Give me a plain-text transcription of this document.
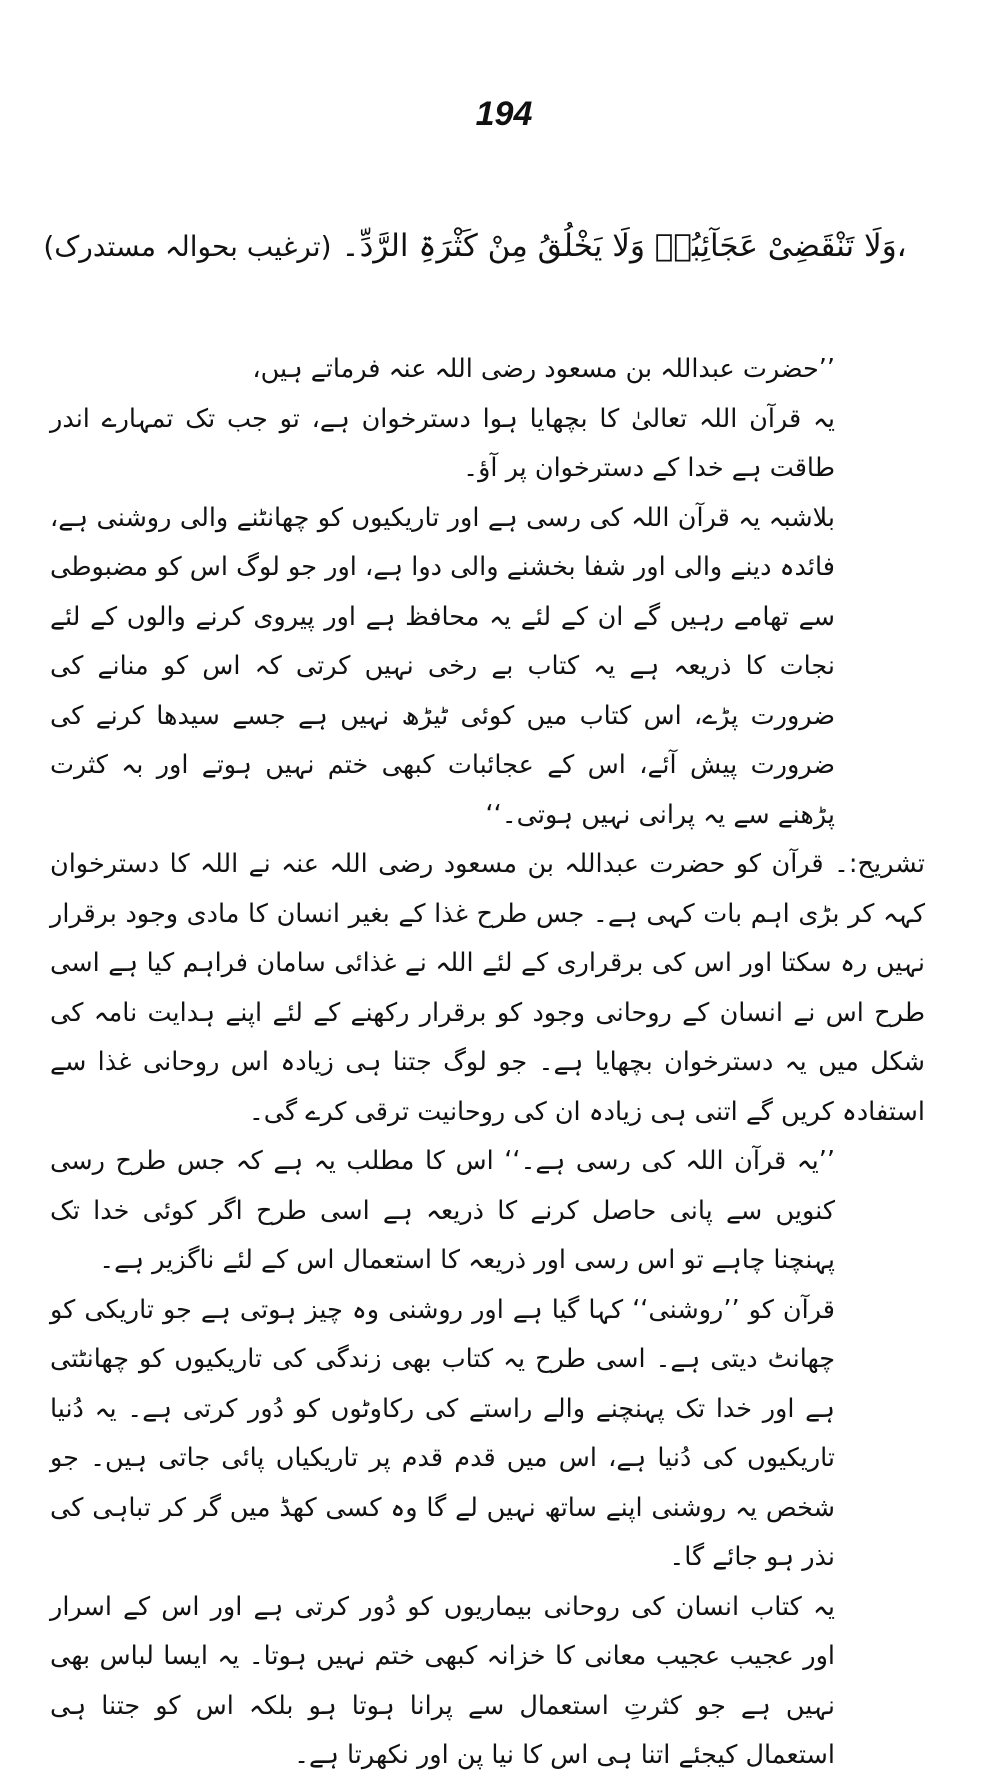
194
،وَلَا تَنْقَضِیْ عَجَآئِبُہٗ وَلَا یَخْلُقُ مِنْ کَثْرَۃِ الرَّدِّ۔ (ترغیب بحوالہ مستدرک)

’’حضرت عبداللہ بن مسعود رضی اللہ عنہ فرماتے ہیں،

یہ قرآن اللہ تعالیٰ کا بچھایا ہوا دسترخوان ہے، تو جب تک تمہارے اندر طاقت ہے خدا کے دسترخوان پر آؤ۔

بلاشبہ یہ قرآن اللہ کی رسی ہے اور تاریکیوں کو چھانٹنے والی روشنی ہے، فائدہ دینے والی اور شفا بخشنے والی دوا ہے، اور جو لوگ اس کو مضبوطی سے تھامے رہیں گے ان کے لئے یہ محافظ ہے اور پیروی کرنے والوں کے لئے نجات کا ذریعہ ہے یہ کتاب بے رخی نہیں کرتی کہ اس کو منانے کی ضرورت پڑے، اس کتاب میں کوئی ٹیڑھ نہیں ہے جسے سیدھا کرنے کی ضرورت پیش آئے، اس کے عجائبات کبھی ختم نہیں ہوتے اور بہ کثرت پڑھنے سے یہ پرانی نہیں ہوتی۔‘‘

تشریح:۔ قرآن کو حضرت عبداللہ بن مسعود رضی اللہ عنہ نے اللہ کا دسترخوان کہہ کر بڑی اہم بات کہی ہے۔ جس طرح غذا کے بغیر انسان کا مادی وجود برقرار نہیں رہ سکتا اور اس کی برقراری کے لئے اللہ نے غذائی سامان فراہم کیا ہے اسی طرح اس نے انسان کے روحانی وجود کو برقرار رکھنے کے لئے اپنے ہدایت نامہ کی شکل میں یہ دسترخوان بچھایا ہے۔ جو لوگ جتنا ہی زیادہ اس روحانی غذا سے استفادہ کریں گے اتنی ہی زیادہ ان کی روحانیت ترقی کرے گی۔

’’یہ قرآن اللہ کی رسی ہے۔‘‘ اس کا مطلب یہ ہے کہ جس طرح رسی کنویں سے پانی حاصل کرنے کا ذریعہ ہے اسی طرح اگر کوئی خدا تک پہنچنا چاہے تو اس رسی اور ذریعہ کا استعمال اس کے لئے ناگزیر ہے۔

قرآن کو ’’روشنی‘‘ کہا گیا ہے اور روشنی وہ چیز ہوتی ہے جو تاریکی کو چھانٹ دیتی ہے۔ اسی طرح یہ کتاب بھی زندگی کی تاریکیوں کو چھانٹتی ہے اور خدا تک پہنچنے والے راستے کی رکاوٹوں کو دُور کرتی ہے۔ یہ دُنیا تاریکیوں کی دُنیا ہے، اس میں قدم قدم پر تاریکیاں پائی جاتی ہیں۔ جو شخص یہ روشنی اپنے ساتھ نہیں لے گا وہ کسی کھڈ میں گر کر تباہی کی نذر ہو جائے گا۔

یہ کتاب انسان کی روحانی بیماریوں کو دُور کرتی ہے اور اس کے اسرار اور عجیب عجیب معانی کا خزانہ کبھی ختم نہیں ہوتا۔ یہ ایسا لباس بھی نہیں ہے جو کثرتِ استعمال سے پرانا ہوتا ہو بلکہ اس کو جتنا ہی استعمال کیجئے اتنا ہی اس کا نیا پن اور نکھرتا ہے۔
